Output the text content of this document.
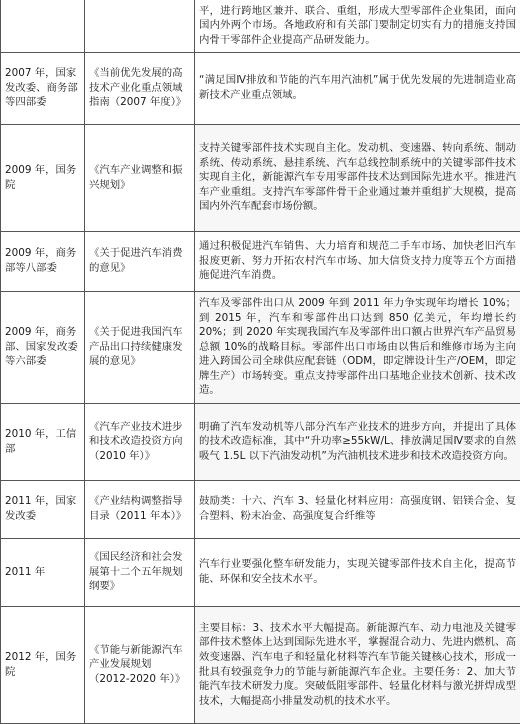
		平，进行跨地区兼并、联合、重组，形成大型零部件企业集团，面向国内外两个市场。各地政府和有关部门要制定切实有力的措施支持国内骨干零部件企业提高产品研发能力。
2007 年，国家发改委、商务部等四部委	《当前优先发展的高技术产业化重点领域指南（2007 年度）》	“满足国Ⅳ排放和节能的汽车用汽油机”属于优先发展的先进制造业高新技术产业重点领域。
2009 年，国务院	《汽车产业调整和振兴规划》	支持关键零部件技术实现自主化。发动机、变速器、转向系统、制动系统、传动系统、悬挂系统、汽车总线控制系统中的关键零部件技术实现自主化，新能源汽车专用零部件技术达到国际先进水平。推进汽车产业重组。支持汽车零部件骨干企业通过兼并重组扩大规模，提高国内外汽车配套市场份额。
2009 年，商务部等八部委	《关于促进汽车消费的意见》	通过积极促进汽车销售、大力培育和规范二手车市场、加快老旧汽车报废更新、努力开拓农村汽车市场、加大信贷支持力度等五个方面措施促进汽车消费。
2009 年，商务部、国家发改委等六部委	《关于促进我国汽车产品出口持续健康发展的意见》	汽车及零部件出口从 2009 年到 2011 年力争实现年均增长 10%；到 2015 年，汽车和零部件出口达到 850 亿美元，年均增长约 20%；到 2020 年实现我国汽车及零部件出口额占世界汽车产品贸易总额 10%的战略目标。零部件出口市场由以售后和维修市场为主向进入跨国公司全球供应配套链（ODM，即定牌设计生产/OEM，即定牌生产）市场转变。重点支持零部件出口基地企业技术创新、技术改造。
2010 年，工信部	《汽车产业技术进步和技术改造投资方向（2010 年）》	明确了汽车发动机等八部分汽车产业技术的进步方向，并提出了具体的技术改造标准，其中“升功率≥55kW/L、排放满足国Ⅳ要求的自然吸气 1.5L 以下汽油发动机”为汽油机技术进步和技术改造投资方向。
2011 年，国家发改委	《产业结构调整指导目录（2011 年本）》	鼓励类：十六、汽车 3、轻量化材料应用：高强度钢、铝镁合金、复合塑料、粉末冶金、高强度复合纤维等
2011 年	《国民经济和社会发展第十二个五年规划纲要》	汽车行业要强化整车研发能力，实现关键零部件技术自主化，提高节能、环保和安全技术水平。
2012 年，国务院	《节能与新能源汽车产业发展规划（2012-2020 年）》	主要目标：3、技术水平大幅提高。新能源汽车、动力电池及关键零部件技术整体上达到国际先进水平，掌握混合动力、先进内燃机、高效变速器、汽车电子和轻量化材料等汽车节能关键核心技术，形成一批具有较强竞争力的节能与新能源汽车企业。主要任务：2、加大节能汽车技术研发力度。突破低阻零部件、轻量化材料与激光拼焊成型技术，大幅提高小排量发动机的技术水平。
